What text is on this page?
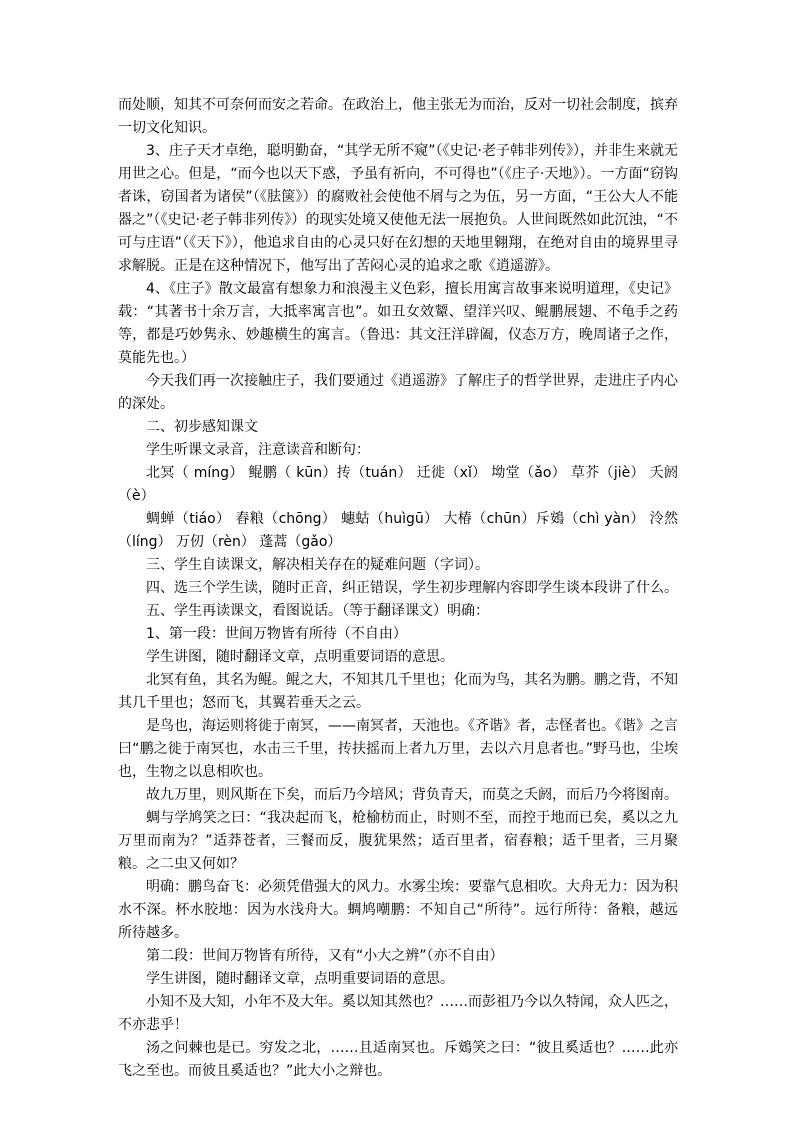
而处顺，知其不可奈何而安之若命。在政治上，他主张无为而治，反对一切社会制度，摈弃一切文化知识。

3、庄子天才卓绝，聪明勤奋，“其学无所不窥”（《史记·老子韩非列传》），并非生来就无用世之心。但是，“而今也以天下惑，予虽有祈向，不可得也”（《庄子·天地》）。一方面“窃钩者诛，窃国者为诸侯”（《胠箧》）的腐败社会使他不屑与之为伍，另一方面，“王公大人不能器之”（《史记·老子韩非列传》）的现实处境又使他无法一展抱负。人世间既然如此沉浊，“不可与庄语”（《天下》），他追求自由的心灵只好在幻想的天地里翱翔，在绝对自由的境界里寻求解脱。正是在这种情况下，他写出了苦闷心灵的追求之歌《逍遥游》。

4、《庄子》散文最富有想象力和浪漫主义色彩，擅长用寓言故事来说明道理，《史记》载：“其著书十余万言，大抵率寓言也”。如丑女效颦、望洋兴叹、鲲鹏展翅、不龟手之药等，都是巧妙隽永、妙趣横生的寓言。（鲁迅：其文汪洋辟阖，仪态万方，晚周诸子之作，莫能先也。）

今天我们再一次接触庄子，我们要通过《逍遥游》了解庄子的哲学世界，走进庄子内心的深处。

二、初步感知课文

学生听课文录音，注意读音和断句：

北冥（ míng） 鲲鹏（ kūn）抟（tuán） 迁徙（xǐ） 坳堂（ǎo） 草芥（jiè） 夭阏（è）

蜩蝉（tiáo） 舂粮（chōng） 蟪蛄（huìgū） 大椿（chūn）斥鴳（chì yàn） 泠然（líng） 万仞（rèn） 蓬蒿（gǎo）

三、学生自读课文，解决相关存在的疑难问题（字词）。

四、选三个学生读，随时正音，纠正错误，学生初步理解内容即学生谈本段讲了什么。

五、学生再读课文，看图说话。（等于翻译课文）明确：

1、第一段：世间万物皆有所待（不自由）

学生讲图，随时翻译文章，点明重要词语的意思。

北冥有鱼，其名为鲲。鲲之大，不知其几千里也；化而为鸟，其名为鹏。鹏之背，不知其几千里也；怒而飞，其翼若垂天之云。

是鸟也，海运则将徙于南冥，——南冥者，天池也。《齐谐》者，志怪者也。《谐》之言曰“鹏之徙于南冥也，水击三千里，抟扶摇而上者九万里，去以六月息者也。”野马也，尘埃也，生物之以息相吹也。

故九万里，则风斯在下矣，而后乃今培风；背负青天，而莫之夭阏，而后乃今将图南。

蜩与学鸠笑之曰：“我决起而飞，枪榆枋而止，时则不至，而控于地而已矣，奚以之九万里而南为？”适莽苍者，三餐而反，腹犹果然；适百里者，宿舂粮；适千里者，三月聚粮。之二虫又何如？

明确：鹏鸟奋飞：必须凭借强大的风力。水雾尘埃：要靠气息相吹。大舟无力：因为积水不深。杯水胶地：因为水浅舟大。蜩鸠嘲鹏：不知自己“所待”。远行所待：备粮，越远所待越多。

第二段：世间万物皆有所待，又有“小大之辨”（亦不自由）

学生讲图，随时翻译文章，点明重要词语的意思。

小知不及大知，小年不及大年。奚以知其然也？……而彭祖乃今以久特闻，众人匹之，不亦悲乎！

汤之问棘也是已。穷发之北，……且适南冥也。斥鴳笑之曰：“彼且奚适也？……此亦飞之至也。而彼且奚适也？”此大小之辩也。
